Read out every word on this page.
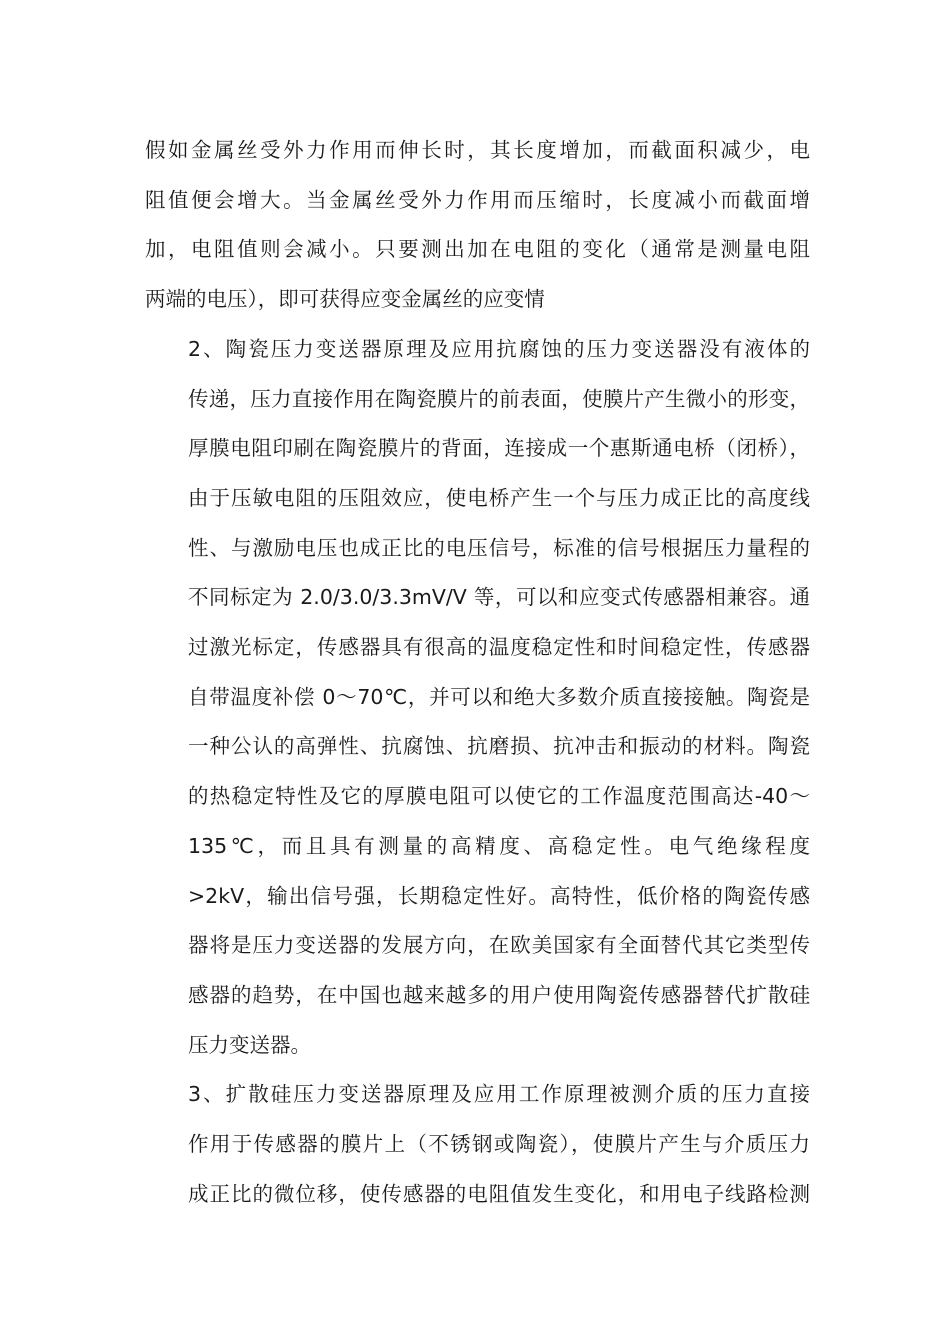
假如金属丝受外力作用而伸长时，其长度增加，而截面积减少，电
阻值便会增大。当金属丝受外力作用而压缩时，长度减小而截面增
加，电阻值则会减小。只要测出加在电阻的变化（通常是测量电阻
两端的电压），即可获得应变金属丝的应变情
2、陶瓷压力变送器原理及应用抗腐蚀的压力变送器没有液体的
传递，压力直接作用在陶瓷膜片的前表面，使膜片产生微小的形变，
厚膜电阻印刷在陶瓷膜片的背面，连接成一个惠斯通电桥（闭桥），
由于压敏电阻的压阻效应，使电桥产生一个与压力成正比的高度线
性、与激励电压也成正比的电压信号，标准的信号根据压力量程的
不同标定为 2.0/3.0/3.3mV/V 等，可以和应变式传感器相兼容。通
过激光标定，传感器具有很高的温度稳定性和时间稳定性，传感器
自带温度补偿 0～70℃，并可以和绝大多数介质直接接触。陶瓷是
一种公认的高弹性、抗腐蚀、抗磨损、抗冲击和振动的材料。陶瓷
的热稳定特性及它的厚膜电阻可以使它的工作温度范围高达-40～
135℃，而且具有测量的高精度、高稳定性。电气绝缘程度
>2kV，输出信号强，长期稳定性好。高特性，低价格的陶瓷传感
器将是压力变送器的发展方向，在欧美国家有全面替代其它类型传
感器的趋势，在中国也越来越多的用户使用陶瓷传感器替代扩散硅
压力变送器。
3、扩散硅压力变送器原理及应用工作原理被测介质的压力直接
作用于传感器的膜片上（不锈钢或陶瓷），使膜片产生与介质压力
成正比的微位移，使传感器的电阻值发生变化，和用电子线路检测
